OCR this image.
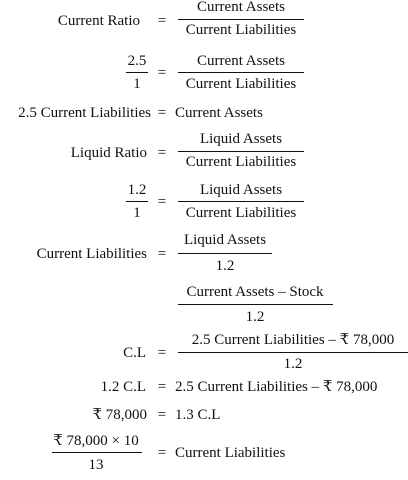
Current Ratio =
Current Assets
Current Liabilities
2.5
1
=
Current Assets
Current Liabilities
2.5 Current Liabilities = Current Assets
Liquid Ratio =
Liquid Assets
Current Liabilities
1.2
1
=
Liquid Assets
Current Liabilities
Current Liabilities =
Liquid Assets
1.2
Current Assets – Stock
1.2
C.L =
2.5 Current Liabilities – ₹ 78,000
1.2
1.2 C.L = 2.5 Current Liabilities – ₹ 78,000
₹ 78,000 = 1.3 C.L
₹ 78,000 × 10
13
= Current Liabilities
